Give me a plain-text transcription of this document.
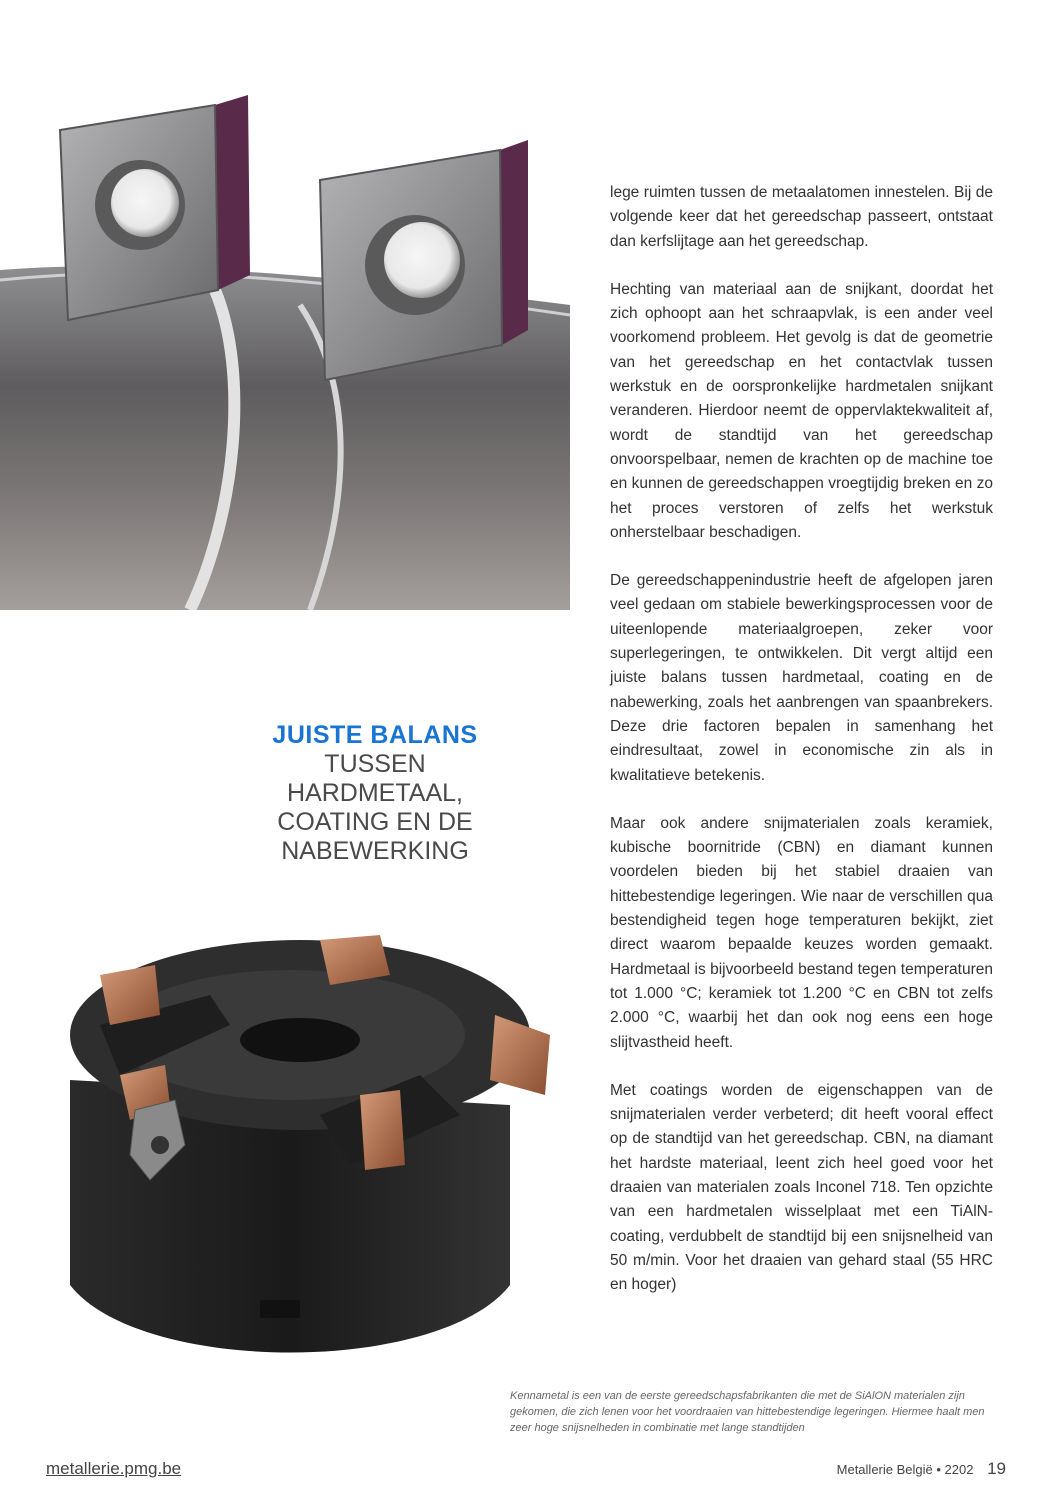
JUISTE BALANS
TUSSEN HARDMETAAL, COATING EN DE NABEWERKING

lege ruimten tussen de metaalatomen innestelen. Bij de volgende keer dat het gereedschap passeert, ontstaat dan kerfslijtage aan het gereedschap.

Hechting van materiaal aan de snijkant, doordat het zich ophoopt aan het schraapvlak, is een ander veel voorkomend probleem. Het gevolg is dat de geometrie van het gereedschap en het contactvlak tussen werkstuk en de oorspronkelijke hardmetalen snijkant veranderen. Hierdoor neemt de oppervlaktekwaliteit af, wordt de standtijd van het gereedschap onvoorspelbaar, nemen de krachten op de machine toe en kunnen de gereedschappen vroegtijdig breken en zo het proces verstoren of zelfs het werkstuk onherstelbaar beschadigen.

De gereedschappenindustrie heeft de afgelopen jaren veel gedaan om stabiele bewerkingsprocessen voor de uiteenlopende materiaalgroepen, zeker voor superlegeringen, te ontwikkelen. Dit vergt altijd een juiste balans tussen hardmetaal, coating en de nabewerking, zoals het aanbrengen van spaanbrekers. Deze drie factoren bepalen in samenhang het eindresultaat, zowel in economische zin als in kwalitatieve betekenis.

Maar ook andere snijmaterialen zoals keramiek, kubische boornitride (CBN) en diamant kunnen voordelen bieden bij het stabiel draaien van hittebestendige legeringen. Wie naar de verschillen qua bestendigheid tegen hoge temperaturen bekijkt, ziet direct waarom bepaalde keuzes worden gemaakt. Hardmetaal is bijvoorbeeld bestand tegen temperaturen tot 1.000 °C; keramiek tot 1.200 °C en CBN tot zelfs 2.000 °C, waarbij het dan ook nog eens een hoge slijtvastheid heeft.

Met coatings worden de eigenschappen van de snijmaterialen verder verbeterd; dit heeft vooral effect op de standtijd van het gereedschap. CBN, na diamant het hardste materiaal, leent zich heel goed voor het draaien van materialen zoals Inconel 718. Ten opzichte van een hardmetalen wisselplaat met een TiAlN-coating, verdubbelt de standtijd bij een snijsnelheid van 50 m/min. Voor het draaien van gehard staal (55 HRC en hoger)

Kennametal is een van de eerste gereedschapsfabrikanten die met de SiAlON materialen zijn gekomen, die zich lenen voor het voordraaien van hittebestendige legeringen. Hiermee haalt men zeer hoge snijsnelheden in combinatie met lange standtijden
metallerie.pmg.be	Metallerie België • 2202 19
